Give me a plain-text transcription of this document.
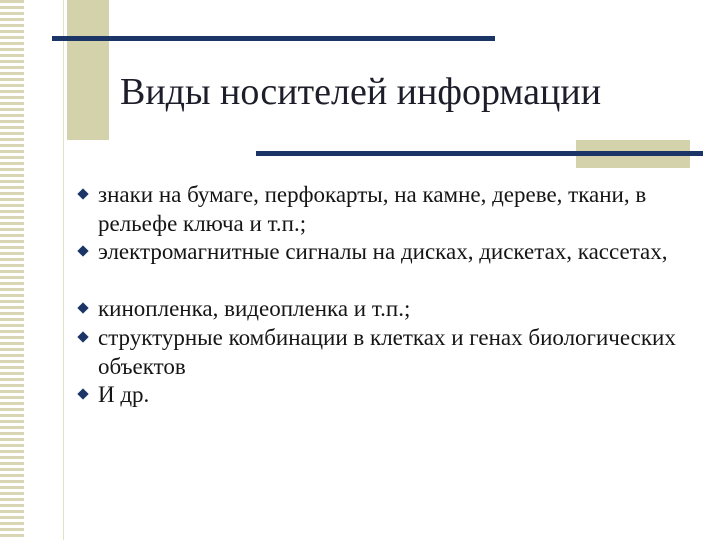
Виды носителей информации
знаки на бумаге, перфокарты, на камне, дереве, ткани, в рельефе ключа и т.п.;
электромагнитные сигналы на дисках, дискетах, кассетах,
кинопленка, видеопленка и т.п.;
структурные комбинации в клетках и генах биологических объектов
И др.
